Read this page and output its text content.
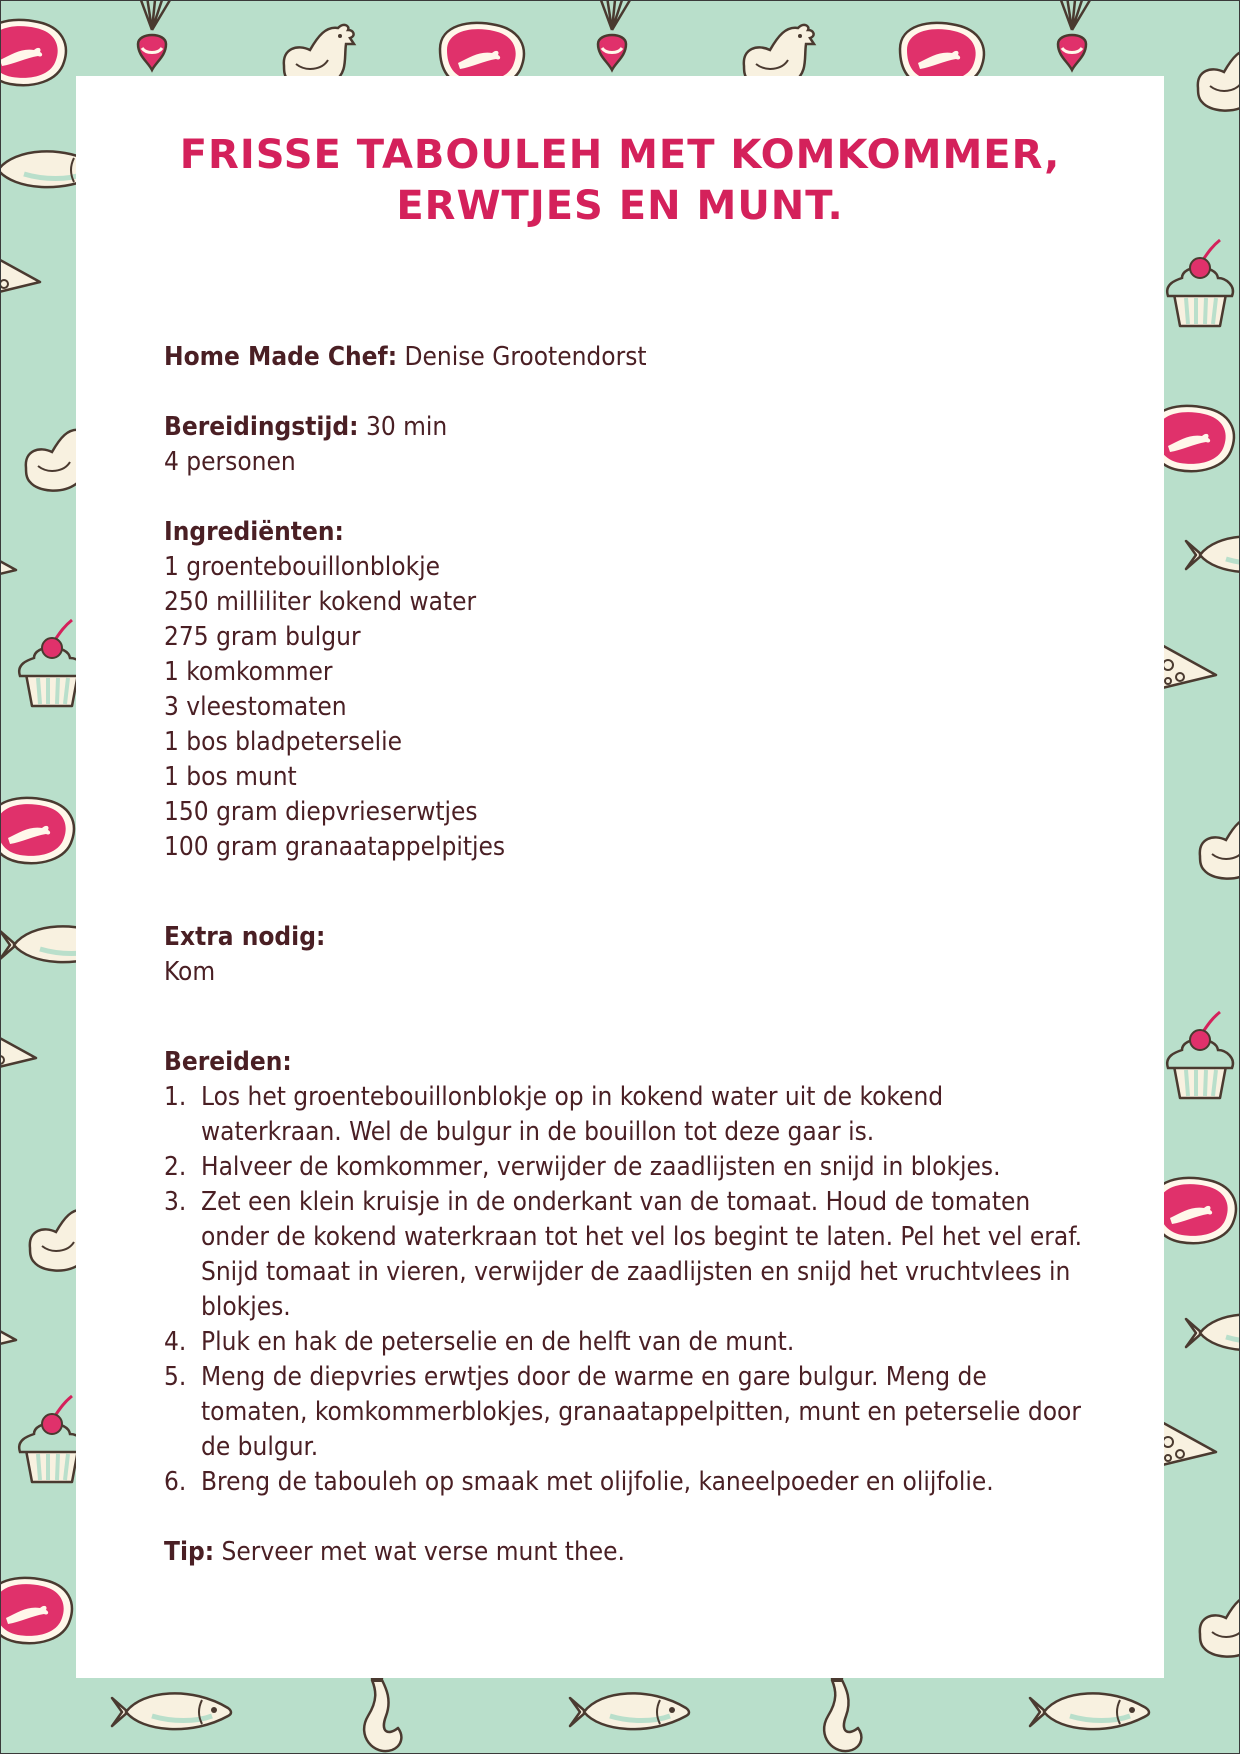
FRISSE TABOULEH MET KOMKOMMER,
ERWTJES EN MUNT.
Home Made Chef: Denise Grootendorst
Bereidingstijd: 30 min
4 personen
Ingrediënten:
1 groentebouillonblokje
250 milliliter kokend water
275 gram bulgur
1 komkommer
3 vleestomaten
1 bos bladpeterselie
1 bos munt
150 gram diepvrieserwtjes
100 gram granaatappelpitjes
Extra nodig:
Kom
Bereiden:
1. Los het groentebouillonblokje op in kokend water uit de kokend waterkraan. Wel de bulgur in de bouillon tot deze gaar is.
2. Halveer de komkommer, verwijder de zaadlijsten en snijd in blokjes.
3. Zet een klein kruisje in de onderkant van de tomaat. Houd de tomaten onder de kokend waterkraan tot het vel los begint te laten. Pel het vel eraf. Snijd tomaat in vieren, verwijder de zaadlijsten en snijd het vruchtvlees in blokjes.
4. Pluk en hak de peterselie en de helft van de munt.
5. Meng de diepvries erwtjes door de warme en gare bulgur. Meng de tomaten, komkommerblokjes, granaatappelpitten, munt en peterselie door de bulgur.
6. Breng de tabouleh op smaak met olijfolie, kaneelpoeder en olijfolie.
Tip: Serveer met wat verse munt thee.
